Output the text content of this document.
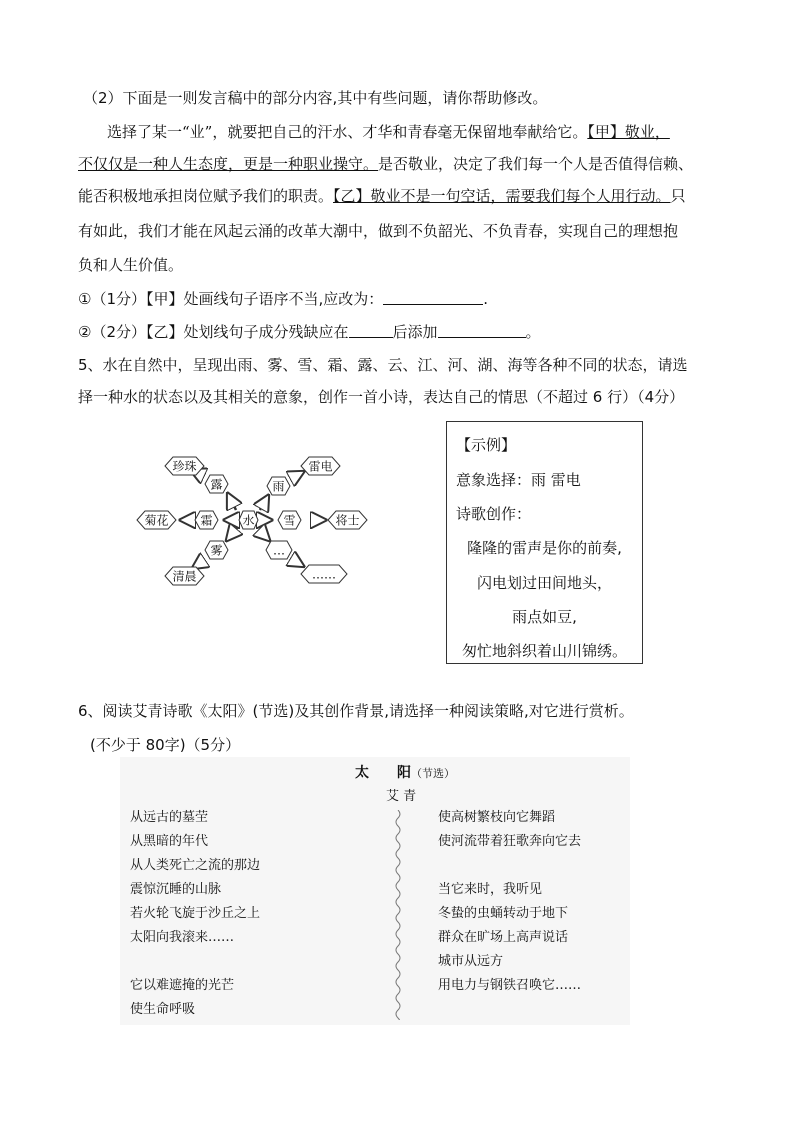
（2）下面是一则发言稿中的部分内容,其中有些问题，请你帮助修改。
选择了某一“业”，就要把自己的汗水、才华和青春毫无保留地奉献给它。【甲】敬业，
不仅仅是一种人生态度，更是一种职业操守。是否敬业，决定了我们每一个人是否值得信赖、
能否积极地承担岗位赋予我们的职责。【乙】敬业不是一句空话，需要我们每个人用行动。只
有如此，我们才能在风起云涌的改革大潮中，做到不负韶光、不负青春，实现自己的理想抱
负和人生价值。
①（1分）【甲】处画线句子语序不当,应改为：	.
②（2分）【乙】处划线句子成分残缺应在	后添加	。
5、水在自然中，呈现出雨、雾、雪、霜、露、云、江、河、湖、海等各种不同的状态，请选
择一种水的状态以及其相关的意象，创作一首小诗，表达自己的情思（不超过 6 行）（4分）
水
露	雨
霜	雪
雾	…
珍珠	雷电
菊花	将士
清晨	……
【示例】
意象选择：雨 雷电
诗歌创作：
隆隆的雷声是你的前奏,
闪电划过田间地头，
雨点如豆,
匆忙地斜织着山川锦绣。
6、阅读艾青诗歌《太阳》(节选)及其创作背景,请选择一种阅读策略,对它进行赏析。
(不少于 80字)（5分）
太 阳（节选）
艾 青
从远古的墓茔
从黑暗的年代
从人类死亡之流的那边
震惊沉睡的山脉
若火轮飞旋于沙丘之上
太阳向我滚来……
它以难遮掩的光芒
使生命呼吸
使高树繁枝向它舞蹈
使河流带着狂歌奔向它去
当它来时，我听见
冬蛰的虫蛹转动于地下
群众在旷场上高声说话
城市从远方
用电力与钢铁召唤它……
